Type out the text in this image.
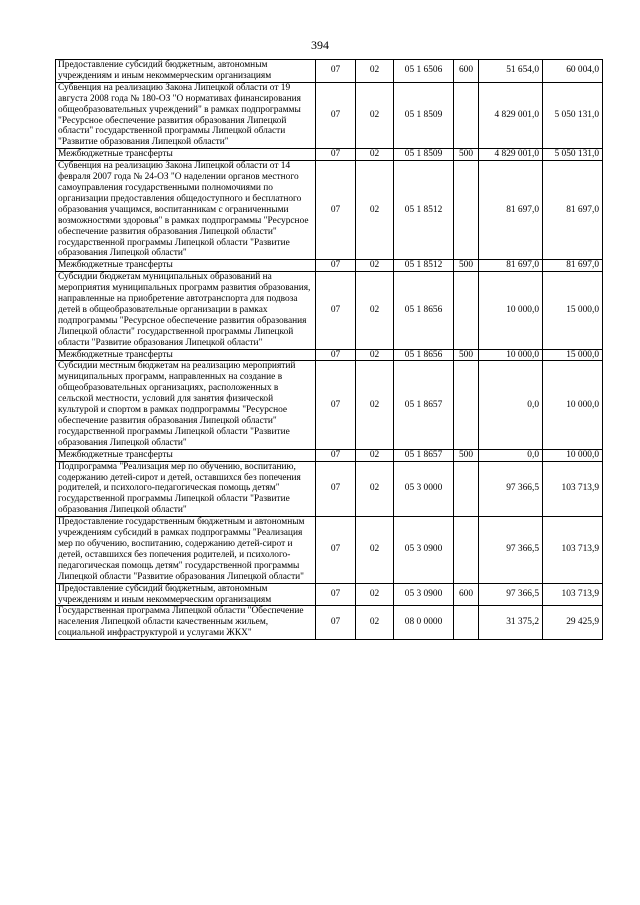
394
Предоставление субсидий бюджетным, автономным учреждениям и иным некоммерческим организациям	07	02	05 1 6506	600	51 654,0	60 004,0
Субвенция на реализацию Закона Липецкой области от 19 августа 2008 года № 180-ОЗ "О нормативах финансирования общеобразовательных учреждений" в рамках подпрограммы "Ресурсное обеспечение развития образования Липецкой области" государственной программы Липецкой области "Развитие образования Липецкой области"	07	02	05 1 8509		4 829 001,0	5 050 131,0
Межбюджетные трансферты	07	02	05 1 8509	500	4 829 001,0	5 050 131,0
Субвенция на реализацию Закона Липецкой области от 14 февраля 2007 года № 24-ОЗ "О наделении органов местного самоуправления государственными полномочиями по организации предоставления общедоступного и бесплатного образования учащимся, воспитанникам с ограниченными возможностями здоровья" в рамках подпрограммы "Ресурсное обеспечение развития образования Липецкой области" государственной программы Липецкой области "Развитие образования Липецкой области"	07	02	05 1 8512		81 697,0	81 697,0
Межбюджетные трансферты	07	02	05 1 8512	500	81 697,0	81 697,0
Субсидии бюджетам муниципальных образований на мероприятия муниципальных программ развития образования, направленные на приобретение автотранспорта для подвоза детей в общеобразовательные организации в рамках подпрограммы "Ресурсное обеспечение развития образования Липецкой области" государственной программы Липецкой области "Развитие образования Липецкой области"	07	02	05 1 8656		10 000,0	15 000,0
Межбюджетные трансферты	07	02	05 1 8656	500	10 000,0	15 000,0
Субсидии местным бюджетам на реализацию мероприятий муниципальных программ, направленных на создание в общеобразовательных организациях, расположенных в сельской местности, условий для занятия физической культурой и спортом в рамках подпрограммы "Ресурсное обеспечение развития образования Липецкой области" государственной программы Липецкой области "Развитие образования Липецкой области"	07	02	05 1 8657		0,0	10 000,0
Межбюджетные трансферты	07	02	05 1 8657	500	0,0	10 000,0
Подпрограмма "Реализация мер по обучению, воспитанию, содержанию детей-сирот и детей, оставшихся без попечения родителей, и психолого-педагогическая помощь детям" государственной программы Липецкой области "Развитие образования Липецкой области"	07	02	05 3 0000		97 366,5	103 713,9
Предоставление государственным бюджетным и автономным учреждениям субсидий в рамках подпрограммы "Реализация мер по обучению, воспитанию, содержанию детей-сирот и детей, оставшихся без попечения родителей, и психолого-педагогическая помощь детям" государственной программы Липецкой области "Развитие образования Липецкой области"	07	02	05 3 0900		97 366,5	103 713,9
Предоставление субсидий бюджетным, автономным учреждениям и иным некоммерческим организациям	07	02	05 3 0900	600	97 366,5	103 713,9
Государственная программа Липецкой области "Обеспечение населения Липецкой области качественным жильем, социальной инфраструктурой и услугами ЖКХ"	07	02	08 0 0000		31 375,2	29 425,9
